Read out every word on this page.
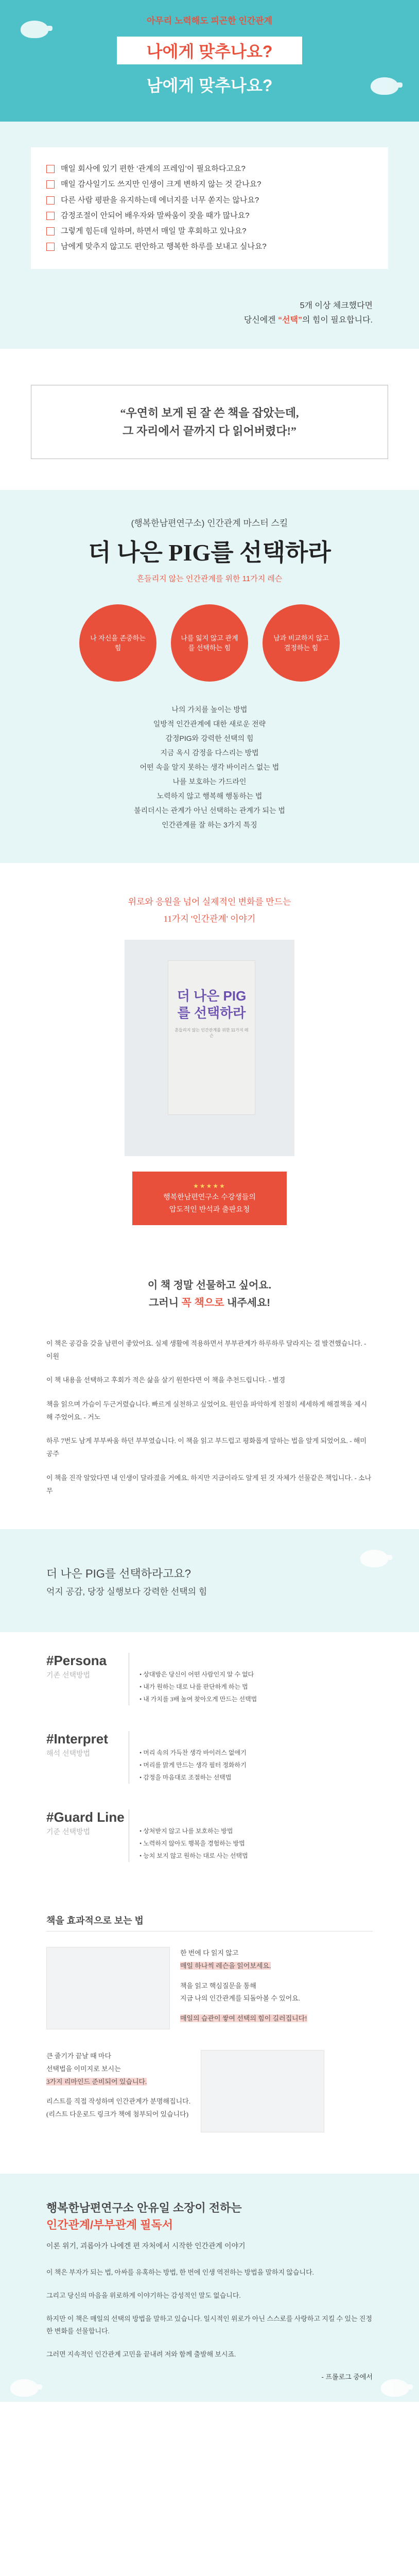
아무리 노력해도 피곤한 인간관계
나에게 맞추나요?
남에게 맞추나요?
매일 회사에 있기 편한 ‘관계의 프레임’이 필요하다고요?
매일 감사일기도 쓰지만 인생이 크게 변하지 않는 것 같나요?
다른 사람 평판을 유지하는데 에너지를 너무 쏟지는 않나요?
감정조절이 안되어 배우자와 말싸움이 잦을 때가 많나요?
그렇게 힘든데 일하며, 하면서 매일 말 후회하고 있나요?
남에게 맞추지 않고도 편안하고 행복한 하루를 보내고 싶나요?
5개 이상 체크했다면
당신에겐 “선택”의 힘이 필요합니다.
“우연히 보게 된 잘 쓴 책을 잡았는데,
그 자리에서 끝까지 다 읽어버렸다!”
(행복한남편연구소) 인간관계 마스터 스킬
더 나은 PIG를 선택하라
흔들리지 않는 인간관계를 위한 11가지 레슨
나 자신을 존중하는 힘
나를 잃지 않고 관계를 선택하는 힘
남과 비교하지 않고 결정하는 힘
나의 가치를 높이는 방법
일방적 인간관계에 대한 새로운 전략
감정PIG와 강력한 선택의 힘
지금 옥시 감정을 다스리는 방법
어떤 속을 알지 못하는 생각 바이러스 없는 법
나를 보호하는 가드라인
노력하지 않고 행복해 행동하는 법
불리더시는 관계가 아닌 선택하는 관계가 되는 법
인간관계를 잘 하는 3가지 특징
위로와 응원을 넘어 실제적인 변화를 만드는
11가지 '인간관계' 이야기
더 나은 PIG를 선택하라
흔들리지 않는 인간관계를 위한 11가지 레슨
★★★★★
행복한남편연구소 수강생들의
압도적인 반석과 출판요청
이 책 정말 선물하고 싶어요.
그러니 꼭 책으로 내주세요!

이 책은 공감을 갖을 남편이 좋았어요. 실제 생활에 적용하면서 부부관계가 하루하루 달라지는 걸 발견했습니다. - 이원

이 책 내용을 선택하고 후회가 적은 삶을 살기 원한다면 이 책을 추천드립니다. - 별경

책을 읽으며 가슴이 두근거렸습니다. 빠르게 실천하고 싶었어요. 원인을 파악하게 친절히 세세하게 해결책을 제시해 주었어요. - 거노

하루 7번도 남게 부부싸움 하던 부부였습니다. 이 책을 읽고 부드럽고 평화롭게 말하는 법을 알게 되었어요. - 해미공주

이 책을 진작 알았다면 내 인생이 달라졌을 거예요. 하지만 지금이라도 알게 된 것 자체가 선물같은 책입니다. - 소나무

더 나은 PIG를 선택하라고요?
억지 공감, 당장 실행보다 강력한 선택의 힘
#Persona
기존 선택방법	• 상대방은 당신이 어떤 사람인지 알 수 없다
• 내가 원하는 대로 나를 판단하게 하는 법
• 내 가치를 3배 높여 찾아오게 만드는 선택법
#Interpret
해석 선택방법	• 머리 속의 가득찬 생각 바이러스 없애기
• 머리를 맑게 만드는 생각 필터 정화하기
• 감정을 마음대로 조절하는 선택법
#Guard Line
기준 선택방법	• 상처받지 않고 나를 보호하는 방법
• 노력하지 않아도 행복을 경험하는 방법
• 능치 보지 않고 원하는 대로 사는 선택법
책을 효과적으로 보는 법
한 번에 다 읽지 않고
매일 하나씩 레슨을 읽어보세요.
책을 읽고 핵심질문을 통해
지금 나의 인간관계를 되돌아볼 수 있어요.
매일의 습관이 쌓여 선택의 힘이 길러집니다!
큰 줄기가 끝날 때 마다
선택법을 이미지로 보시는
3가지 리마인드 준비되어 있습니다.
리스트를 직접 작성하며 인간관계가 분명해집니다.
(리스트 다운로드 링크가 책에 첨부되어 있습니다)
행복한남편연구소 안유일 소장이 전하는
인간관계/부부관계 필독서
이론 위기, 괴롭아가 나에겐 편 자처에서 시작한 인간관계 이야기

이 책은 부자가 되는 법, 아싸를 유혹하는 방법, 한 번에 인생 역전하는 방법을 말하지 않습니다.

그리고 당신의 마음을 위로하게 이야기하는 감성적인 말도 없습니다.

하지만 이 책은 매일의 선택의 방법을 말하고 있습니다. 일시적인 위로가 아닌 스스로를 사랑하고 지킬 수 있는 진정한 변화를 선물합니다.

그러면 지속적인 인간관계 고민을 끝내려 저와 함께 출발해 보시죠.

- 프롤로그 중에서
